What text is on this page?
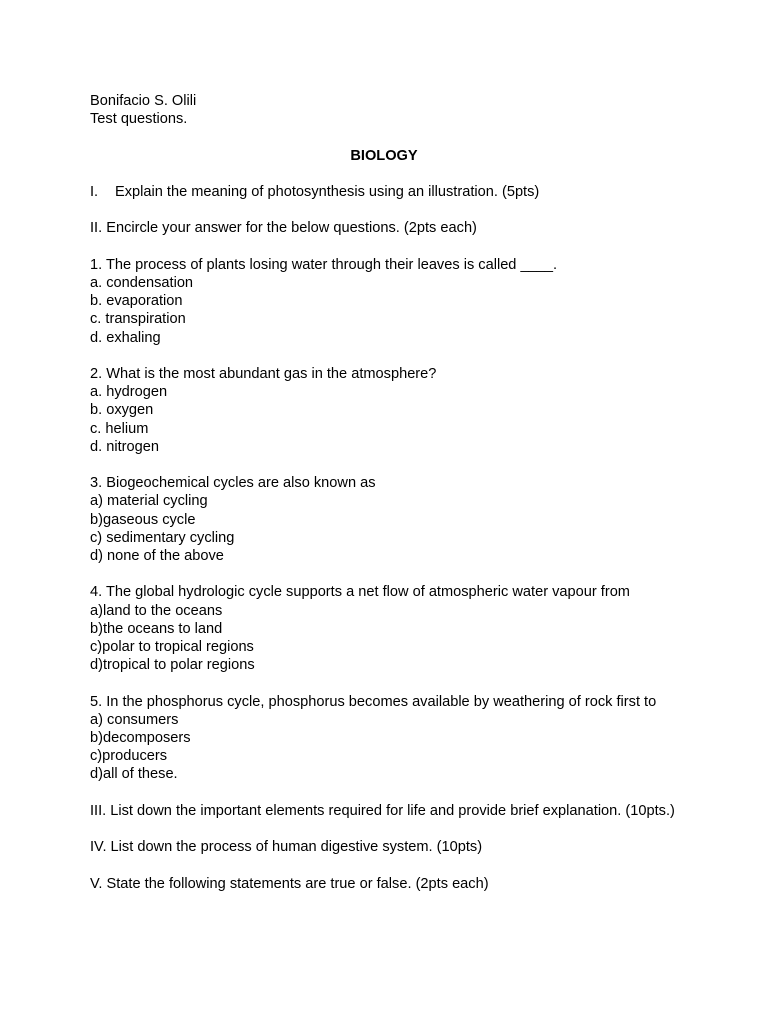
Bonifacio S. Olili
Test questions.
BIOLOGY
I. Explain the meaning of photosynthesis using an illustration. (5pts)
II. Encircle your answer for the below questions. (2pts each)
1. The process of plants losing water through their leaves is called ____.
a. condensation
b. evaporation
c. transpiration
d. exhaling
2. What is the most abundant gas in the atmosphere?
a. hydrogen
b. oxygen
c. helium
d. nitrogen
3. Biogeochemical cycles are also known as
a) material cycling
b)gaseous cycle
c) sedimentary cycling
d) none of the above
4. The global hydrologic cycle supports a net flow of atmospheric water vapour from
a)land to the oceans
b)the oceans to land
c)polar to tropical regions
d)tropical to polar regions
5. In the phosphorus cycle, phosphorus becomes available by weathering of rock first to
a) consumers
b)decomposers
c)producers
d)all of these.
III. List down the important elements required for life and provide brief explanation. (10pts.)
IV. List down the process of human digestive system. (10pts)
V. State the following statements are true or false. (2pts each)
